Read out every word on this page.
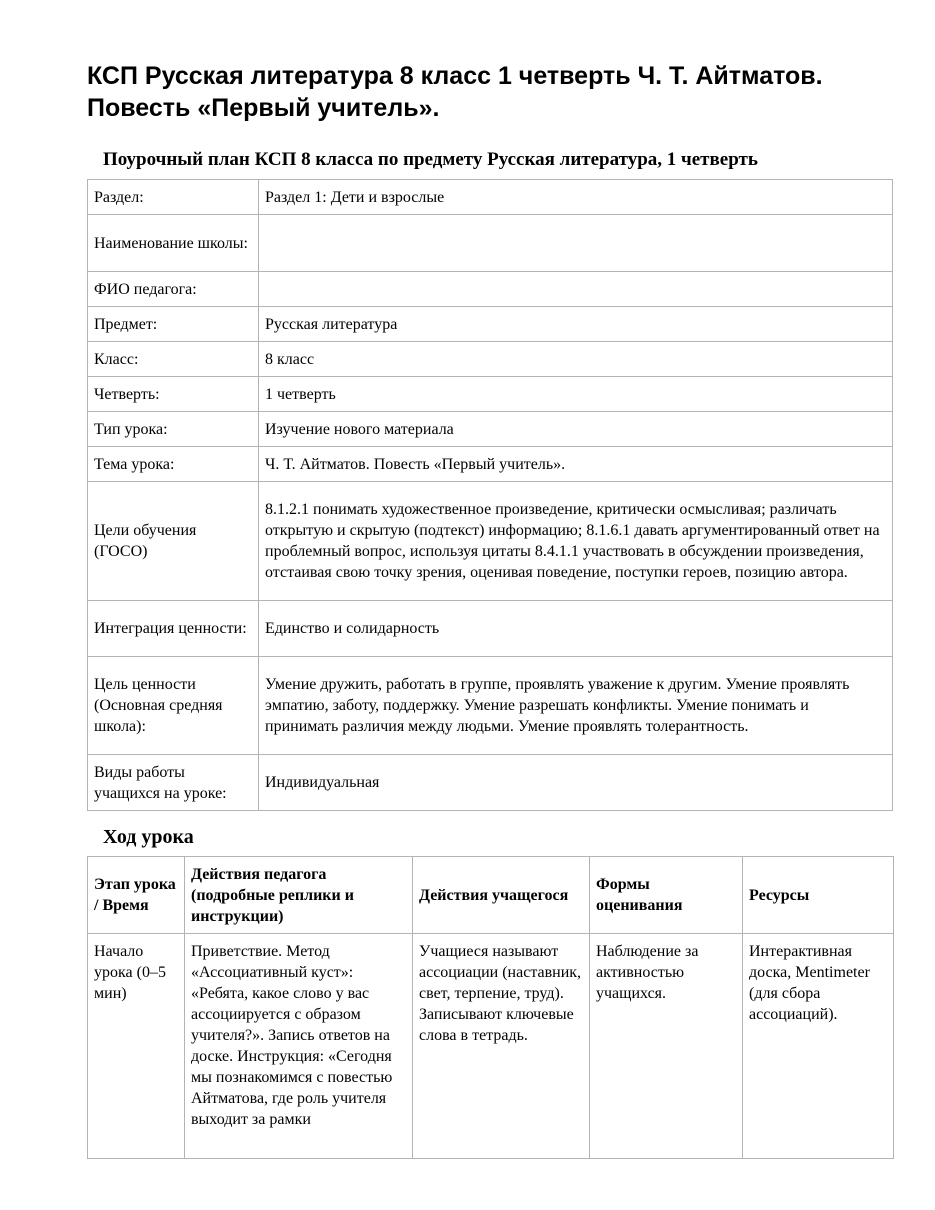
КСП Русская литература 8 класс 1 четверть Ч. Т. Айтматов. Повесть «Первый учитель».
Поурочный план КСП 8 класса по предмету Русская литература, 1 четверть
Раздел:	Раздел 1: Дети и взрослые
Наименование школы:	
ФИО педагога:	
Предмет:	Русская литература
Класс:	8 класс
Четверть:	1 четверть
Тип урока:	Изучение нового материала
Тема урока:	Ч. Т. Айтматов. Повесть «Первый учитель».
Цели обучения (ГОСО)	8.1.2.1 понимать художественное произведение, критически осмысливая; различать открытую и скрытую (подтекст) информацию; 8.1.6.1 давать аргументированный ответ на проблемный вопрос, используя цитаты 8.4.1.1 участвовать в обсуждении произведения, отстаивая свою точку зрения, оценивая поведение, поступки героев, позицию автора.
Интеграция ценности:	Единство и солидарность
Цель ценности (Основная средняя школа):	Умение дружить, работать в группе, проявлять уважение к другим. Умение проявлять эмпатию, заботу, поддержку. Умение разрешать конфликты. Умение понимать и принимать различия между людьми. Умение проявлять толерантность.
Виды работы учащихся на уроке:	Индивидуальная
Ход урока
Этап урока / Время	Действия педагога (подробные реплики и инструкции)	Действия учащегося	Формы оценивания	Ресурсы
Начало урока (0–5 мин)	Приветствие. Метод «Ассоциативный куст»: «Ребята, какое слово у вас ассоциируется с образом учителя?». Запись ответов на доске. Инструкция: «Сегодня мы познакомимся с повестью Айтматова, где роль учителя выходит за рамки	Учащиеся называют ассоциации (наставник, свет, терпение, труд). Записывают ключевые слова в тетрадь.	Наблюдение за активностью учащихся.	Интерактивная доска, Mentimeter (для сбора ассоциаций).
